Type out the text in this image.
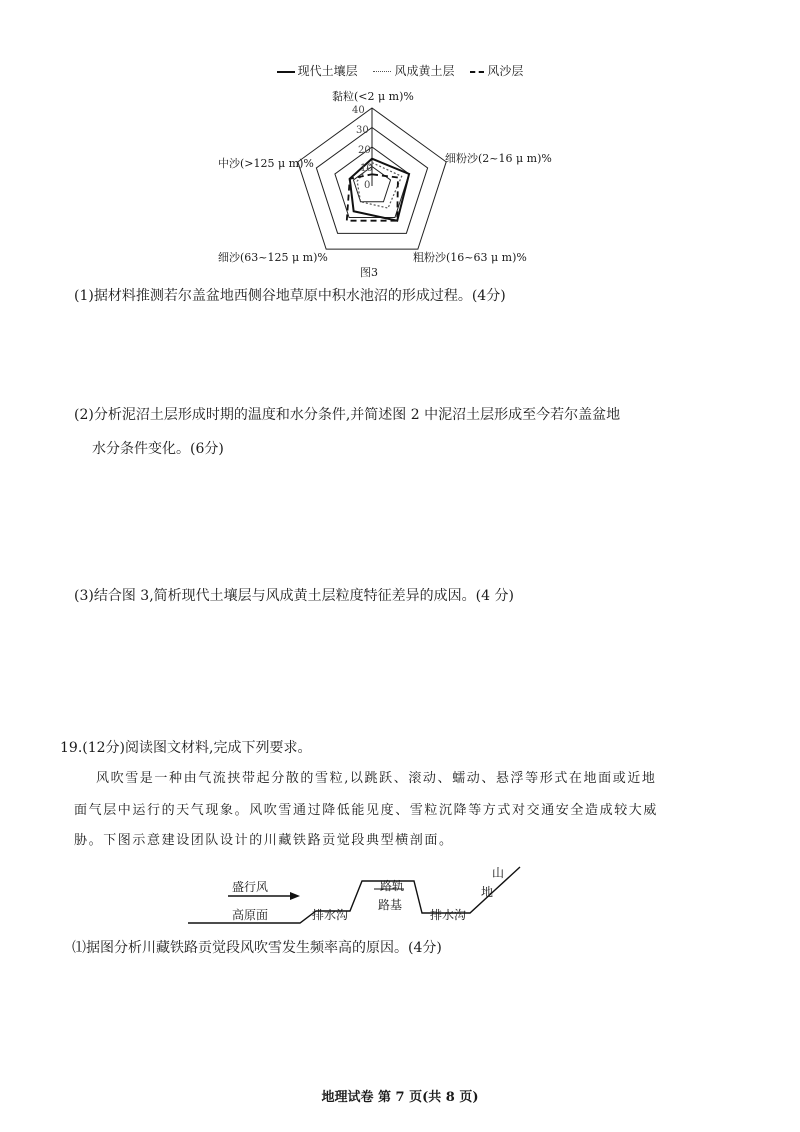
现代土壤层	风成黄土层	风沙层
40
30
20
10
0
黏粒(<2 μ m)%
细粉沙(2~16 μ m)%
粗粉沙(16~63 μ m)%
细沙(63~125 μ m)%
中沙(>125 μ m)%
图3
(1)据材料推测若尔盖盆地西侧谷地草原中积水池沼的形成过程。(4分)
(2)分析泥沼土层形成时期的温度和水分条件,并简述图 2 中泥沼土层形成至今若尔盖盆地
水分条件变化。(6分)
(3)结合图 3,简析现代土壤层与风成黄土层粒度特征差异的成因。(4 分)
19.(12分)阅读图文材料,完成下列要求。
风吹雪是一种由气流挟带起分散的雪粒,以跳跃、滚动、蠕动、悬浮等形式在地面或近地
面气层中运行的天气现象。风吹雪通过降低能见度、雪粒沉降等方式对交通安全造成较大威
胁。下图示意建设团队设计的川藏铁路贡觉段典型横剖面。
盛行风
高原面	排水沟
路轨
路基
排水沟
山
地
⑴据图分析川藏铁路贡觉段风吹雪发生频率高的原因。(4分)
地理试卷 第 7 页(共 8 页)
